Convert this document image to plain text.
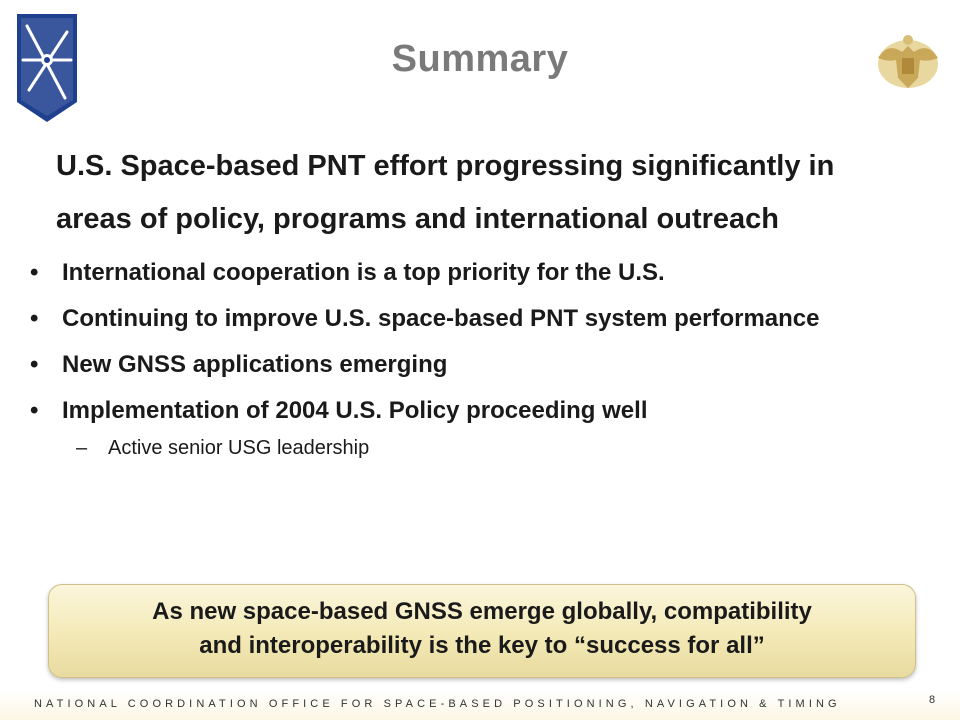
Summary
U.S. Space-based PNT effort progressing significantly in areas of policy, programs and international outreach
• International cooperation is a top priority for the U.S.
• Continuing to improve U.S. space-based PNT system performance
• New GNSS applications emerging
• Implementation of 2004 U.S. Policy proceeding well
– Active senior USG leadership
As new space-based GNSS emerge globally, compatibility
and interoperability is the key to “success for all”
NATIONAL COORDINATION OFFICE FOR SPACE-BASED POSITIONING, NAVIGATION & TIMING	8
